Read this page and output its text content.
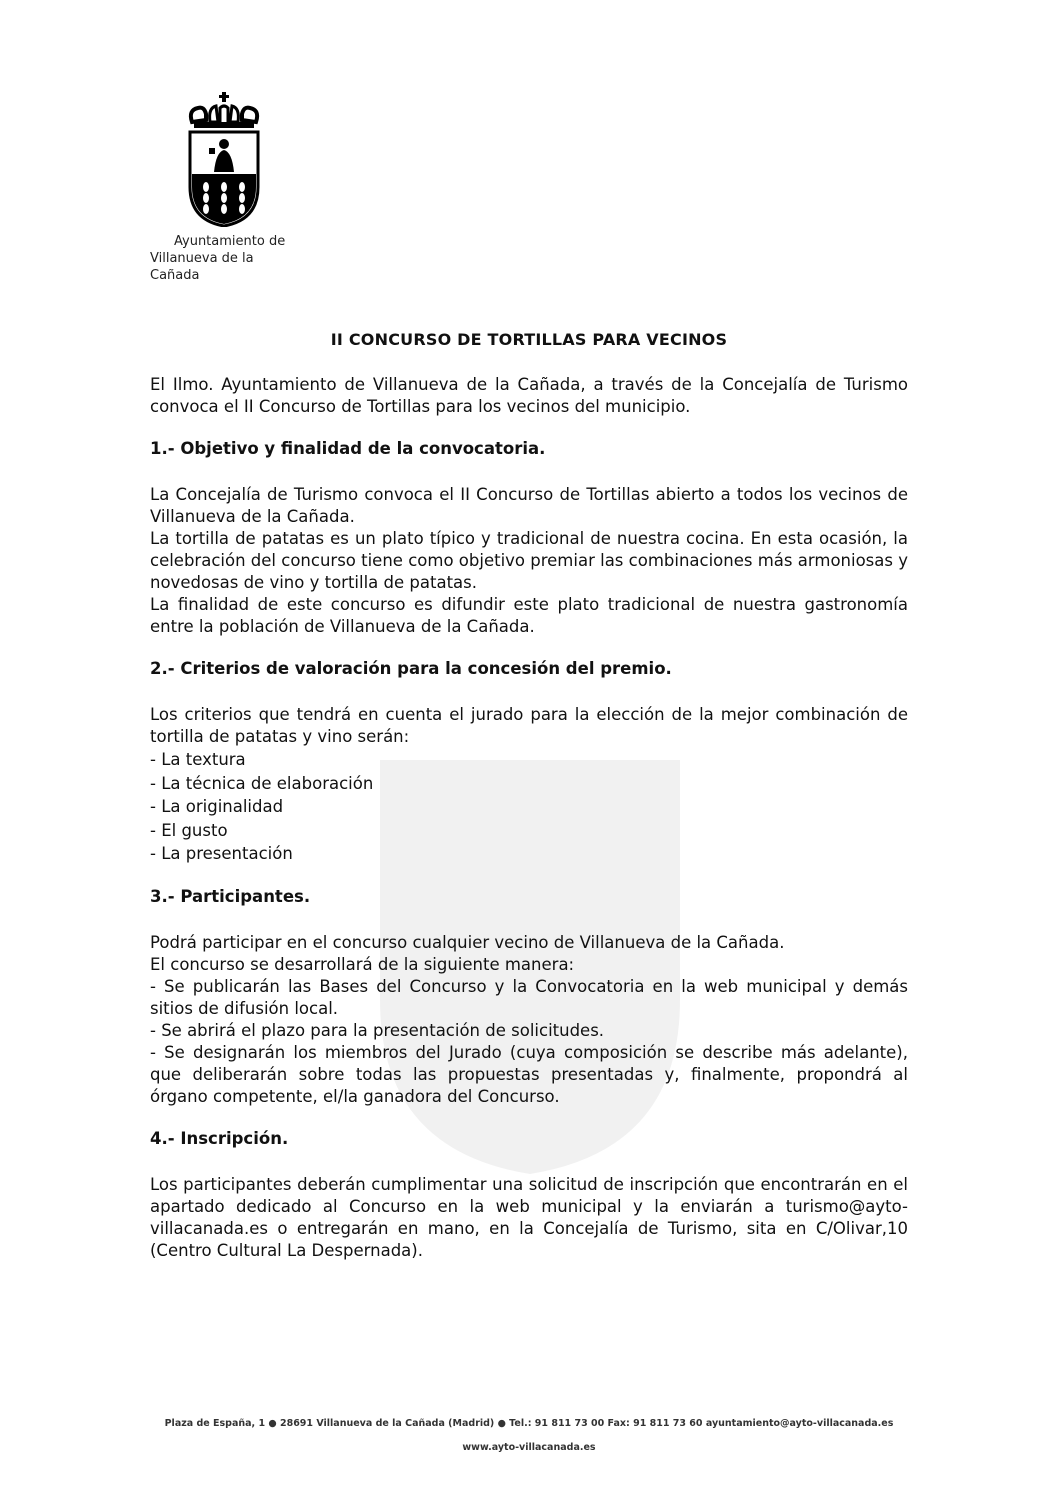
Ayuntamiento de
Villanueva de la Cañada
II CONCURSO DE TORTILLAS PARA VECINOS

El Ilmo. Ayuntamiento de Villanueva de la Cañada, a través de la Concejalía de Turismo convoca el II Concurso de Tortillas para los vecinos del municipio.

1.- Objetivo y finalidad de la convocatoria.

La Concejalía de Turismo convoca el II Concurso de Tortillas abierto a todos los vecinos de Villanueva de la Cañada.

La tortilla de patatas es un plato típico y tradicional de nuestra cocina. En esta ocasión, la celebración del concurso tiene como objetivo premiar las combinaciones más armoniosas y novedosas de vino y tortilla de patatas.

La finalidad de este concurso es difundir este plato tradicional de nuestra gastronomía entre la población de Villanueva de la Cañada.

2.- Criterios de valoración para la concesión del premio.

Los criterios que tendrá en cuenta el jurado para la elección de la mejor combinación de tortilla de patatas y vino serán:

- La textura
- La técnica de elaboración
- La originalidad
- El gusto
- La presentación

3.- Participantes.

Podrá participar en el concurso cualquier vecino de Villanueva de la Cañada.

El concurso se desarrollará de la siguiente manera:

- Se publicarán las Bases del Concurso y la Convocatoria en la web municipal y demás sitios de difusión local.

- Se abrirá el plazo para la presentación de solicitudes.

- Se designarán los miembros del Jurado (cuya composición se describe más adelante), que deliberarán sobre todas las propuestas presentadas y, finalmente, propondrá al órgano competente, el/la ganadora del Concurso.

4.- Inscripción.

Los participantes deberán cumplimentar una solicitud de inscripción que encontrarán en el apartado dedicado al Concurso en la web municipal y la enviarán a turismo@ayto-villacanada.es o entregarán en mano, en la Concejalía de Turismo, sita en C/Olivar,10 (Centro Cultural La Despernada).

Plaza de España, 1 ● 28691 Villanueva de la Cañada (Madrid) ● Tel.: 91 811 73 00 Fax: 91 811 73 60 ayuntamiento@ayto-villacanada.es
www.ayto-villacanada.es
